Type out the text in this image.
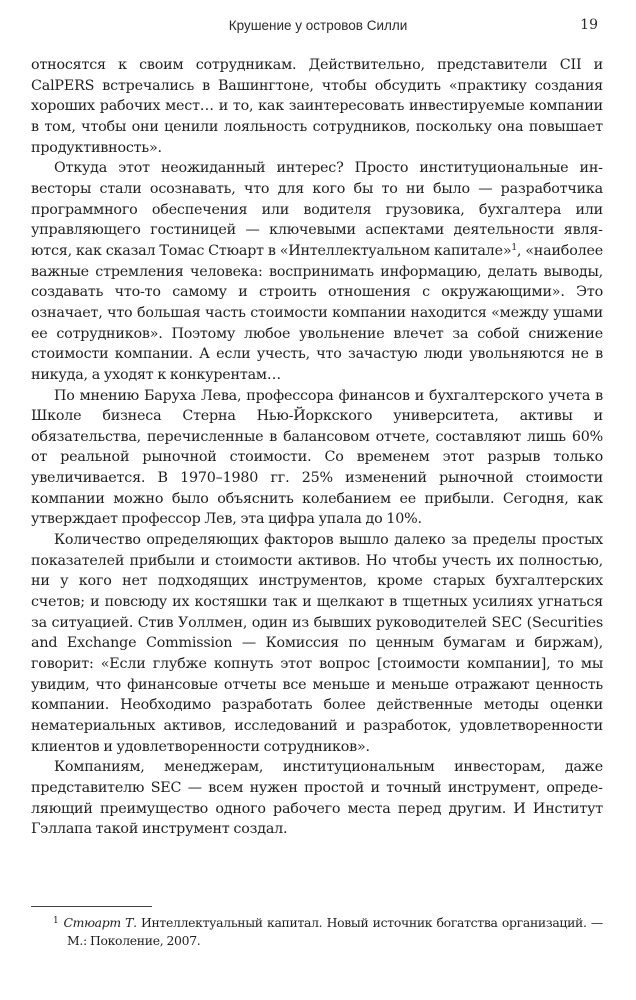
Крушение у островов Силли	19

относятся к своим сотрудникам. Действительно, представители CII и CalPERS встречались в Вашингтоне, чтобы обсудить «практику создания хороших рабочих мест… и то, как заинтересовать инвестируемые компании в том, чтобы они ценили лояльность сотрудников, поскольку она повышает продуктивность».

Откуда этот неожиданный интерес? Просто институциональные инвесторы стали осознавать, что для кого бы то ни было — разработчика программного обеспечения или водителя грузовика, бухгалтера или управляющего гостиницей — ключевыми аспектами деятельности являются, как сказал Томас Стюарт в «Интеллектуальном капитале»$^1$, «наиболее важные стремления человека: воспринимать информацию, делать выводы, создавать что-то самому и строить отношения с окружающими». Это означает, что большая часть стоимости компании находится «между ушами ее сотрудников». Поэтому любое увольнение влечет за собой снижение стоимости компании. А если учесть, что зачастую люди увольняются не в никуда, а уходят к конкурентам…

По мнению Баруха Лева, профессора финансов и бухгалтерского учета в Школе бизнеса Стерна Нью-Йоркского университета, активы и обязательства, перечисленные в балансовом отчете, составляют лишь 60% от реальной рыночной стоимости. Со временем этот разрыв только увеличивается. В 1970–1980 гг. 25% изменений рыночной стоимости компании можно было объяснить колебанием ее прибыли. Сегодня, как утверждает профессор Лев, эта цифра упала до 10%.

Количество определяющих факторов вышло далеко за пределы простых показателей прибыли и стоимости активов. Но чтобы учесть их полностью, ни у кого нет подходящих инструментов, кроме старых бухгалтерских счетов; и повсюду их костяшки так и щелкают в тщетных усилиях угнаться за ситуацией. Стив Уоллмен, один из бывших руководителей SEC (Securities and Exchange Commission — Комиссия по ценным бумагам и биржам), говорит: «Если глубже копнуть этот вопрос [стоимости компании], то мы увидим, что финансовые отчеты все меньше и меньше отражают ценность компании. Необходимо разработать более действенные методы оценки нематериальных активов, исследований и разработок, удовлетворенности клиентов и удовлетворенности сотрудников».

Компаниям, менеджерам, институциональным инвесторам, даже представителю SEC — всем нужен простой и точный инструмент, определяющий преимущество одного рабочего места перед другим. И Институт Гэллапа такой инструмент создал.

$^1$ Стюарт Т. Интеллектуальный капитал. Новый источник богатства организаций. — М.: Поколение, 2007.
